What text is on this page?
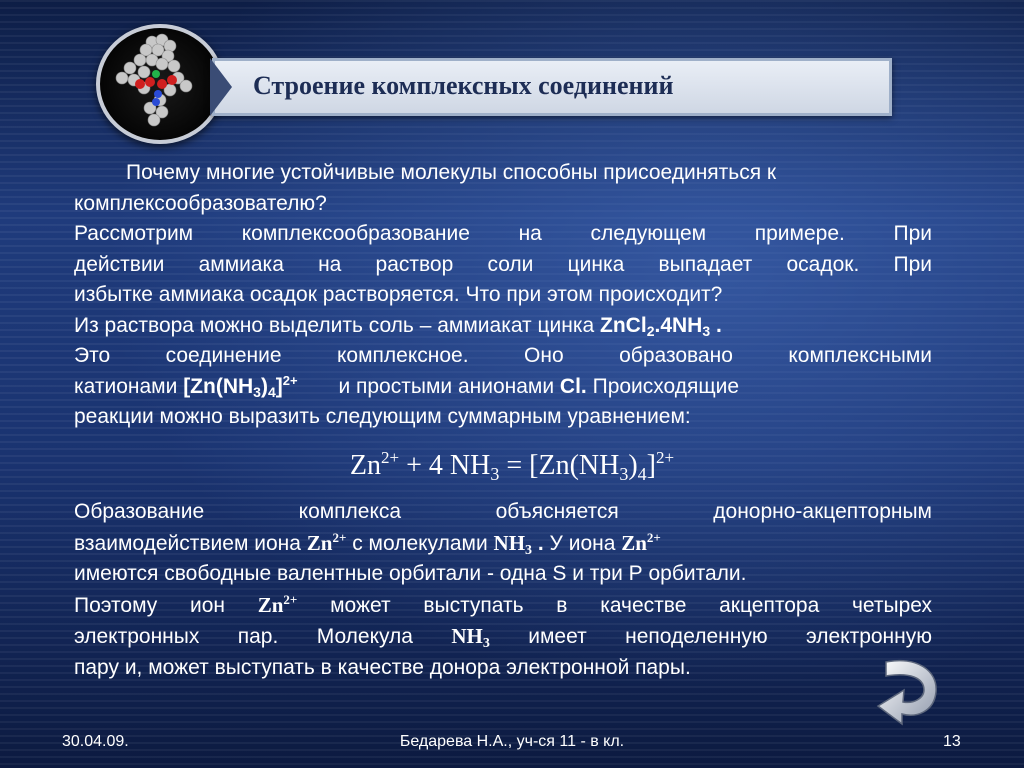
Строение комплексных соединений
Почему многие устойчивые молекулы способны присоединяться к
комплексообразователю?
Рассмотрим комплексообразование на следующем примере. При
действии аммиака на раствор соли цинка выпадает осадок. При
избытке аммиака осадок растворяется. Что при этом происходит?
Из раствора можно выделить соль – аммиакат цинка $ZnCl_2.4NH_3$ .
Это соединение комплексное. Оно образовано комплексными
катионами $[Zn(NH_3)_4]^{2+}$       и простыми анионами Cl. Происходящие
реакции можно выразить следующим суммарным уравнением:
$Zn^{2+} + 4$ $NH_3 = [Zn(NH_3)_4]^{2+}$
Образование комплекса объясняется донорно-акцепторным
взаимодействием иона $Zn^{2+}$ с молекулами $NH_3$ . У иона $Zn^{2+}$
имеются свободные валентные орбитали - одна S и три Р орбитали.
Поэтому ион $Zn^{2+}$ может выступать в качестве акцептора четырех
электронных пар. Молекула $NH_3$ имеет неподеленную электронную
пару и, может выступать в качестве донора электронной пары.
30.04.09.	Бедарева Н.А., уч-ся 11 - в кл.	13
